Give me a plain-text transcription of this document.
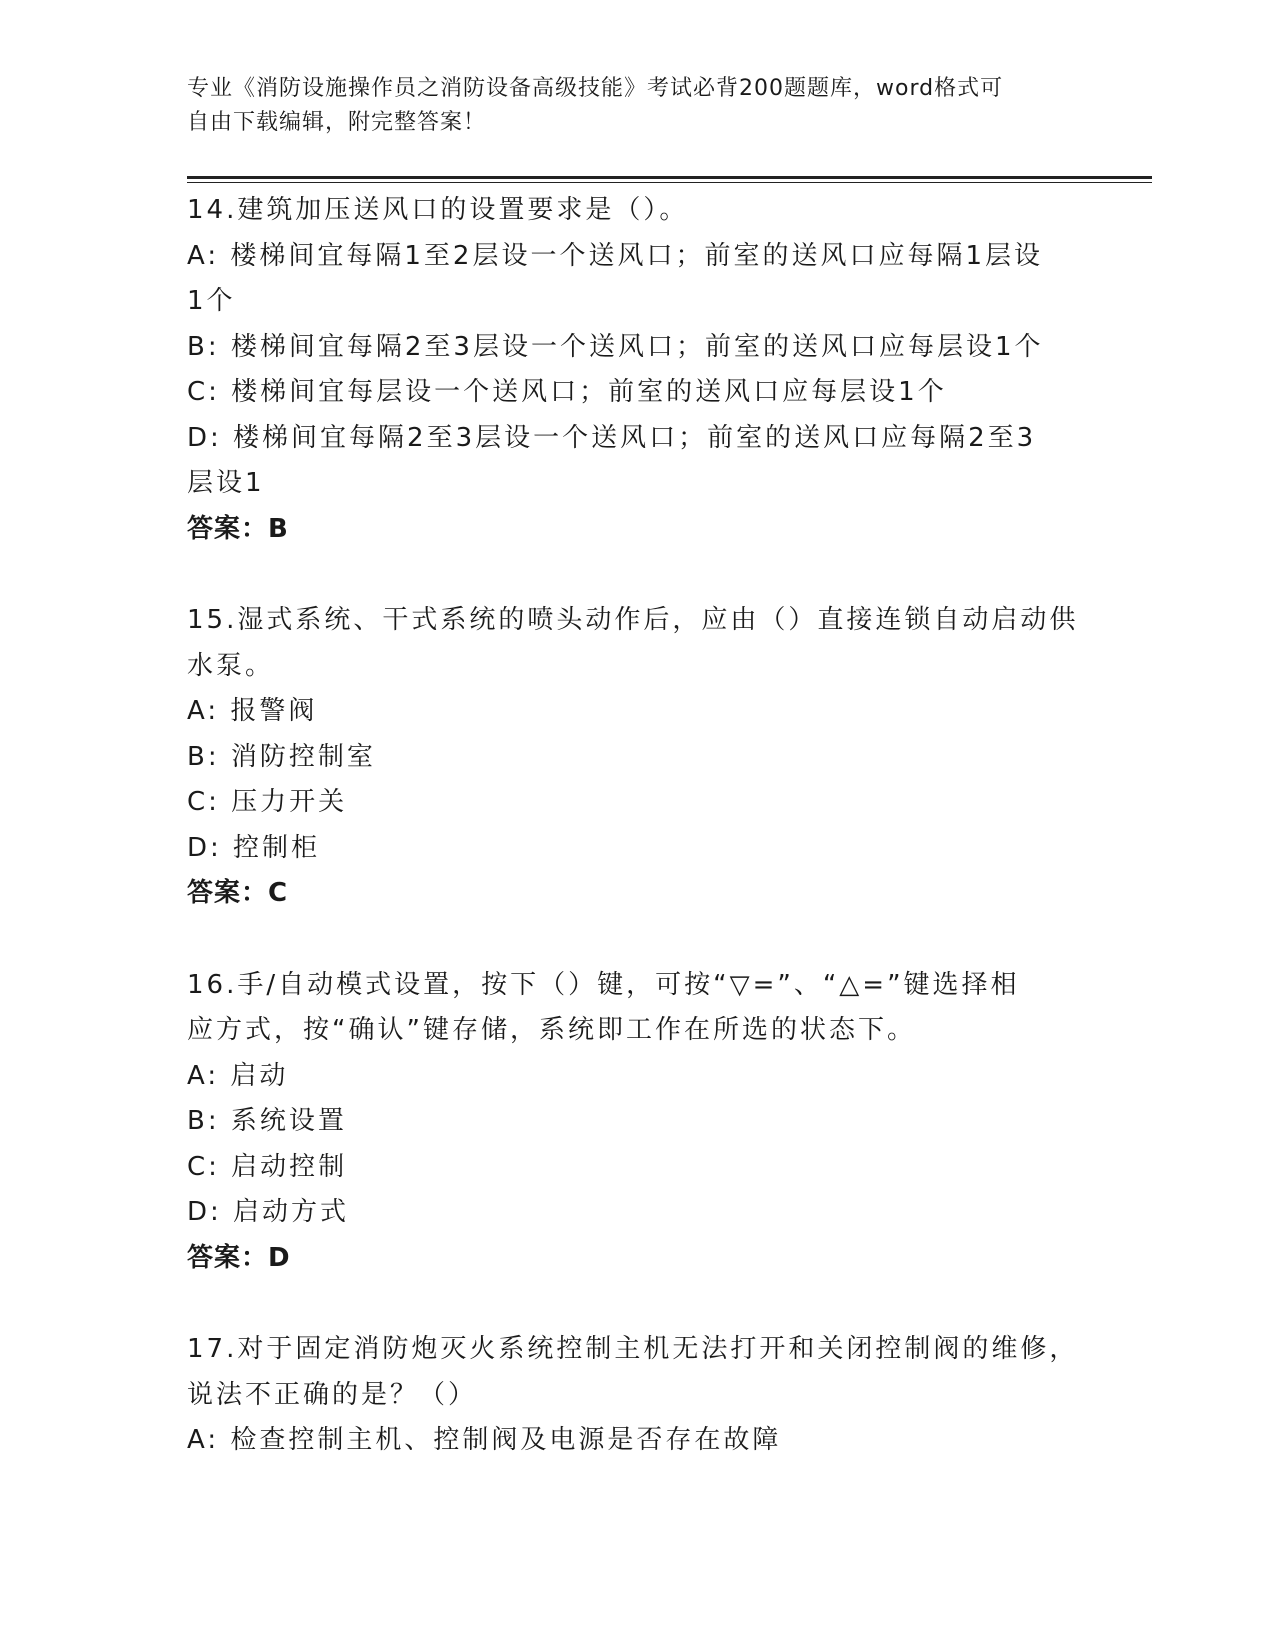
专业《消防设施操作员之消防设备高级技能》考试必背200题题库，word格式可
自由下载编辑，附完整答案！
14.建筑加压送风口的设置要求是（）。
A: 楼梯间宜每隔1至2层设一个送风口；前室的送风口应每隔1层设
1个
B: 楼梯间宜每隔2至3层设一个送风口；前室的送风口应每层设1个
C: 楼梯间宜每层设一个送风口；前室的送风口应每层设1个
D: 楼梯间宜每隔2至3层设一个送风口；前室的送风口应每隔2至3
层设1
答案：B
15.湿式系统、干式系统的喷头动作后，应由（）直接连锁自动启动供
水泵。
A: 报警阀
B: 消防控制室
C: 压力开关
D: 控制柜
答案：C
16.手/自动模式设置，按下（）键，可按“▽=”、“△=”键选择相
应方式，按“确认”键存储，系统即工作在所选的状态下。
A: 启动
B: 系统设置
C: 启动控制
D: 启动方式
答案：D
17.对于固定消防炮灭火系统控制主机无法打开和关闭控制阀的维修，
说法不正确的是？（）
A: 检查控制主机、控制阀及电源是否存在故障
